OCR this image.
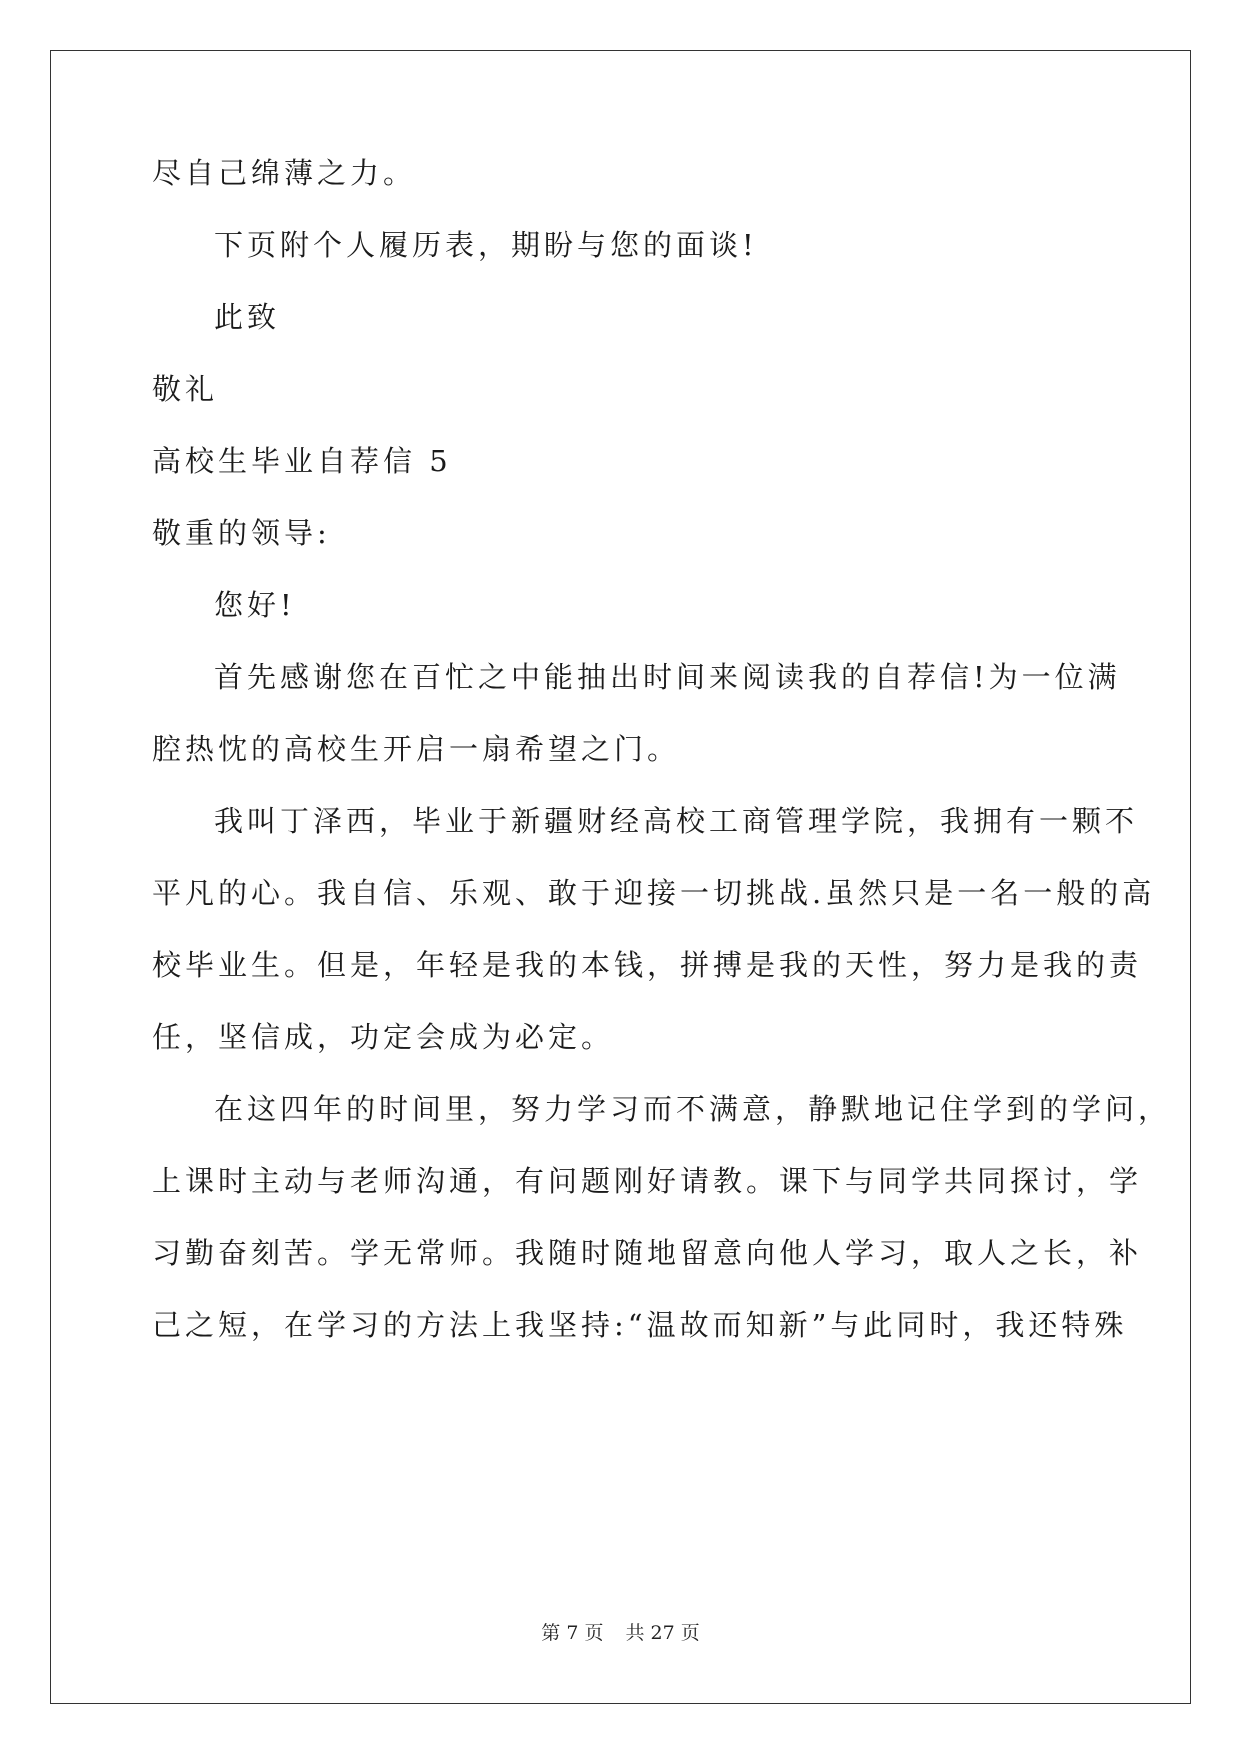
尽自己绵薄之力。

下页附个人履历表，期盼与您的面谈!

此致

敬礼

高校生毕业自荐信 5

敬重的领导:

您好!

首先感谢您在百忙之中能抽出时间来阅读我的自荐信!为一位满

腔热忱的高校生开启一扇希望之门。

我叫丁泽西，毕业于新疆财经高校工商管理学院，我拥有一颗不

平凡的心。我自信、乐观、敢于迎接一切挑战.虽然只是一名一般的高

校毕业生。但是，年轻是我的本钱，拼搏是我的天性，努力是我的责

任，坚信成，功定会成为必定。

在这四年的时间里，努力学习而不满意，静默地记住学到的学问，

上课时主动与老师沟通，有问题刚好请教。课下与同学共同探讨，学

习勤奋刻苦。学无常师。我随时随地留意向他人学习，取人之长，补

己之短，在学习的方法上我坚持:“温故而知新”与此同时，我还特殊

第 7 页 共 27 页
